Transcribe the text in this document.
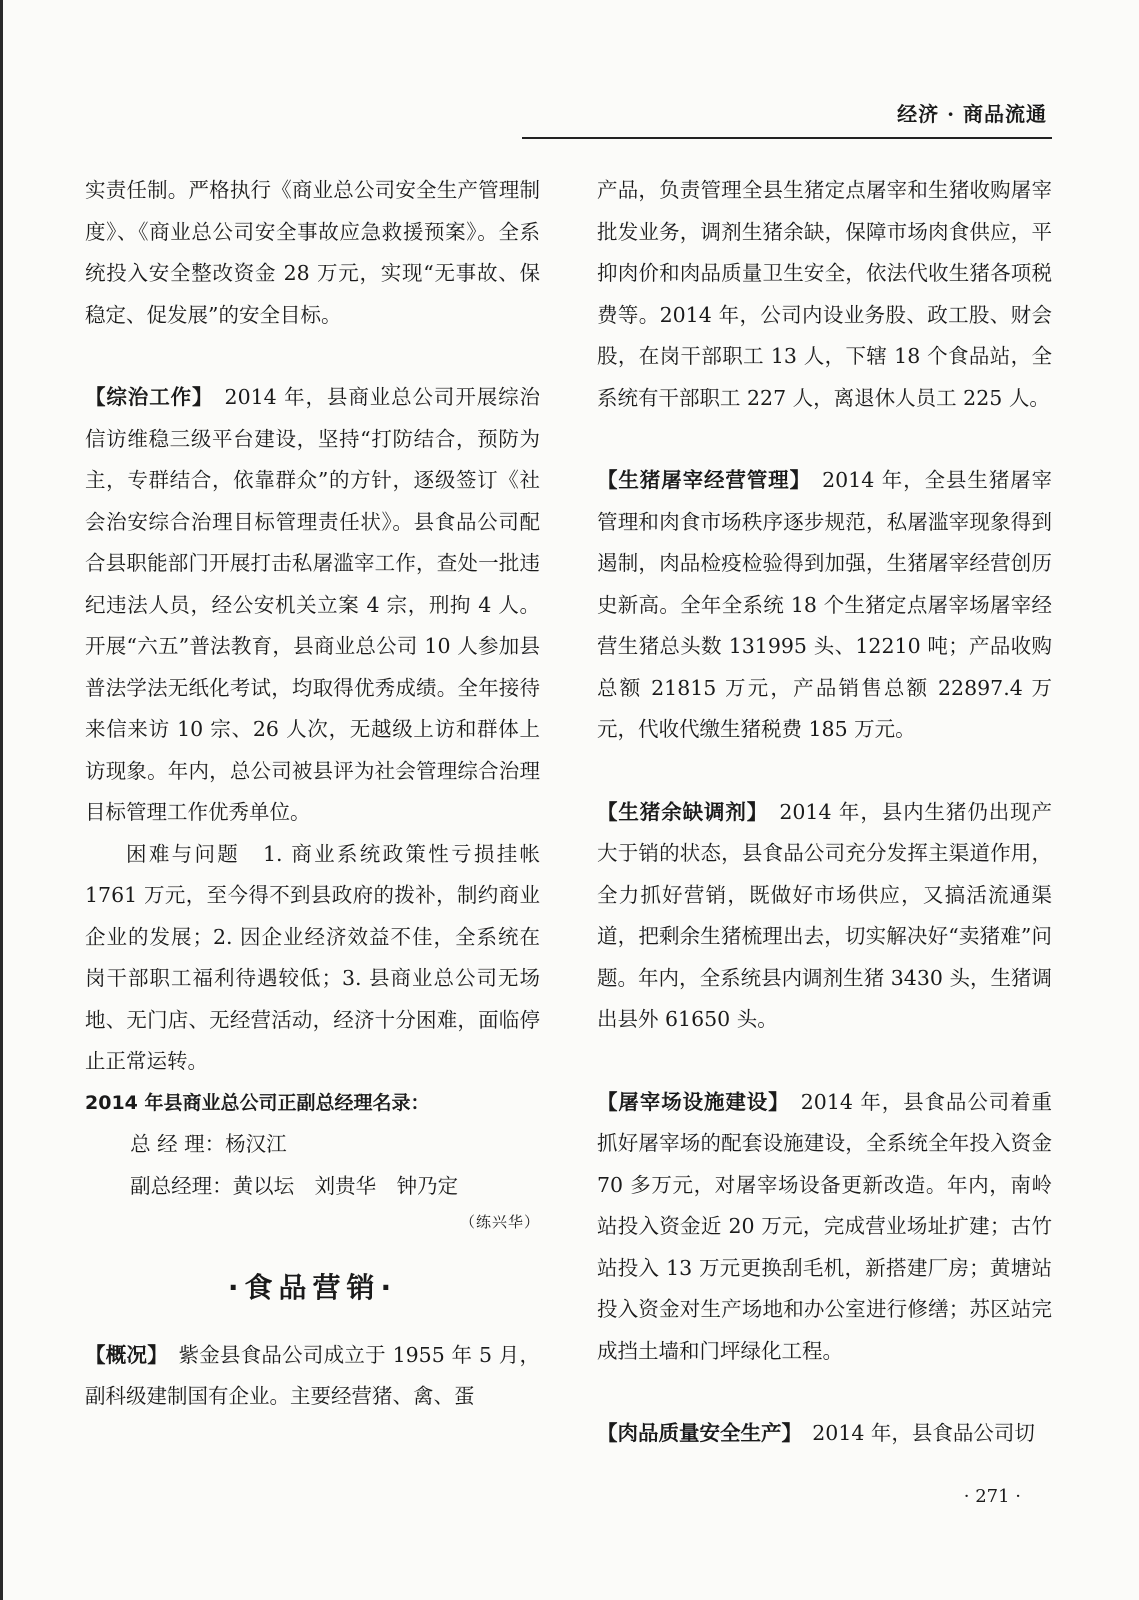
经济 · 商品流通

实责任制。严格执行《商业总公司安全生产管理制度》、《商业总公司安全事故应急救援预案》。全系统投入安全整改资金 28 万元，实现“无事故、保稳定、促发展”的安全目标。

【综治工作】　 2014 年，县商业总公司开展综治信访维稳三级平台建设，坚持“打防结合，预防为主，专群结合，依靠群众”的方针，逐级签订《社会治安综合治理目标管理责任状》。县食品公司配合县职能部门开展打击私屠滥宰工作，查处一批违纪违法人员，经公安机关立案 4 宗，刑拘 4 人。开展“六五”普法教育，县商业总公司 10 人参加县普法学法无纸化考试，均取得优秀成绩。全年接待来信来访 10 宗、26 人次，无越级上访和群体上访现象。年内，总公司被县评为社会管理综合治理目标管理工作优秀单位。

困难与问题　 1. 商业系统政策性亏损挂帐 1761 万元，至今得不到县政府的拨补，制约商业企业的发展；2. 因企业经济效益不佳，全系统在岗干部职工福利待遇较低；3. 县商业总公司无场地、无门店、无经营活动，经济十分困难，面临停止正常运转。

2014 年县商业总公司正副总经理名录：

总 经 理：杨汉江

副总经理：黄以坛　刘贵华　钟乃定

（练兴华）

·食品营销·

【概况】　 紫金县食品公司成立于 1955 年 5 月，副科级建制国有企业。主要经营猪、禽、蛋

产品，负责管理全县生猪定点屠宰和生猪收购屠宰批发业务，调剂生猪余缺，保障市场肉食供应，平抑肉价和肉品质量卫生安全，依法代收生猪各项税费等。2014 年，公司内设业务股、政工股、财会股，在岗干部职工 13 人，下辖 18 个食品站，全系统有干部职工 227 人，离退休人员工 225 人。

【生猪屠宰经营管理】　 2014 年，全县生猪屠宰管理和肉食市场秩序逐步规范，私屠滥宰现象得到遏制，肉品检疫检验得到加强，生猪屠宰经营创历史新高。全年全系统 18 个生猪定点屠宰场屠宰经营生猪总头数 131995 头、12210 吨；产品收购总额 21815 万元，产品销售总额 22897.4 万元，代收代缴生猪税费 185 万元。

【生猪余缺调剂】　 2014 年，县内生猪仍出现产大于销的状态，县食品公司充分发挥主渠道作用，全力抓好营销，既做好市场供应，又搞活流通渠道，把剩余生猪梳理出去，切实解决好“卖猪难”问题。年内，全系统县内调剂生猪 3430 头，生猪调出县外 61650 头。

【屠宰场设施建设】　 2014 年，县食品公司着重抓好屠宰场的配套设施建设，全系统全年投入资金 70 多万元，对屠宰场设备更新改造。年内，南岭站投入资金近 20 万元，完成营业场址扩建；古竹站投入 13 万元更换刮毛机，新搭建厂房；黄塘站投入资金对生产场地和办公室进行修缮；苏区站完成挡土墙和门坪绿化工程。

【肉品质量安全生产】　 2014 年，县食品公司切

· 271 ·
